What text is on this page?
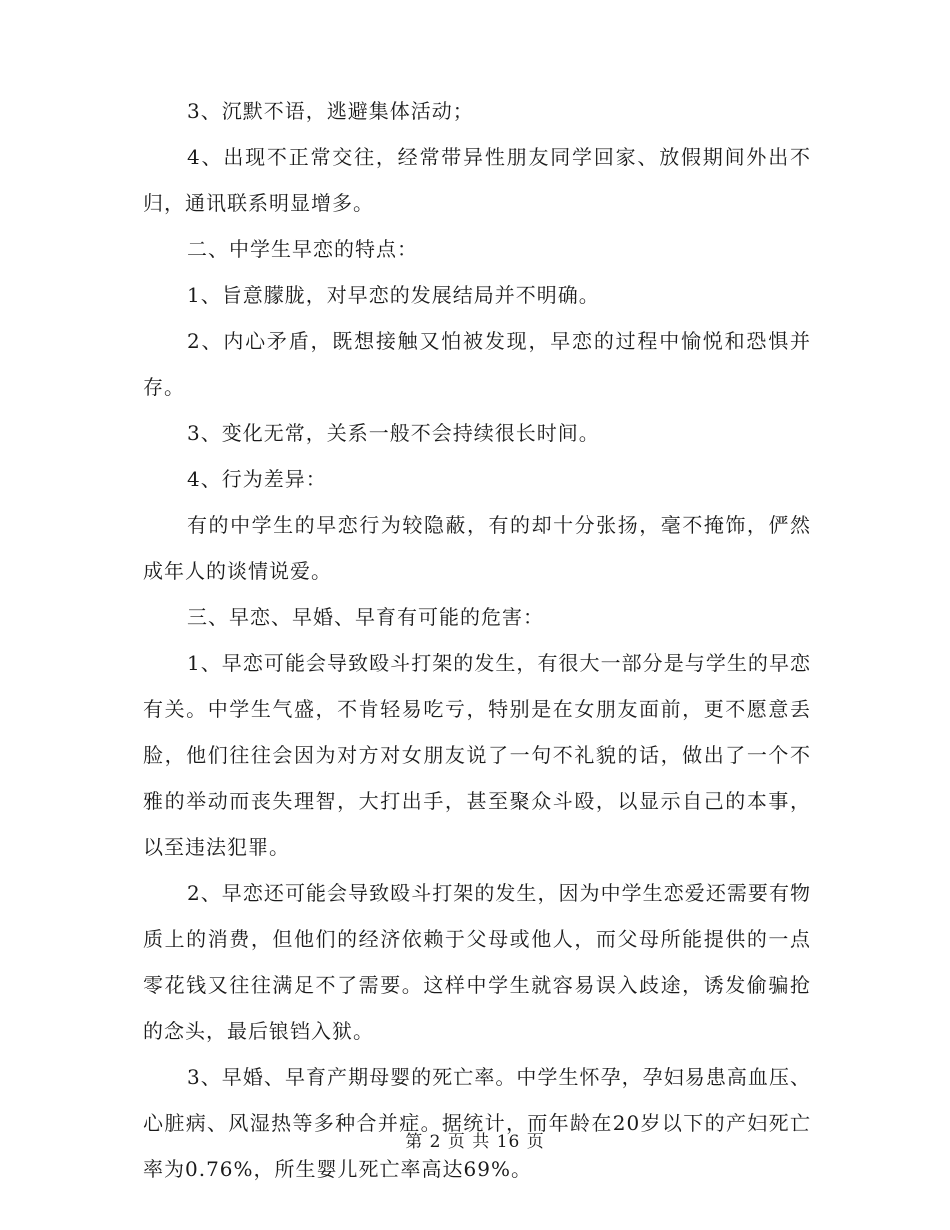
3、沉默不语，逃避集体活动；

4、出现不正常交往，经常带异性朋友同学回家、放假期间外出不归，通讯联系明显增多。

二、中学生早恋的特点：

1、旨意朦胧，对早恋的发展结局并不明确。

2、内心矛盾，既想接触又怕被发现，早恋的过程中愉悦和恐惧并存。

3、变化无常，关系一般不会持续很长时间。

4、行为差异：

有的中学生的早恋行为较隐蔽，有的却十分张扬，毫不掩饰，俨然成年人的谈情说爱。

三、早恋、早婚、早育有可能的危害：

1、早恋可能会导致殴斗打架的发生，有很大一部分是与学生的早恋有关。中学生气盛，不肯轻易吃亏，特别是在女朋友面前，更不愿意丢脸，他们往往会因为对方对女朋友说了一句不礼貌的话，做出了一个不雅的举动而丧失理智，大打出手，甚至聚众斗殴，以显示自己的本事，以至违法犯罪。

2、早恋还可能会导致殴斗打架的发生，因为中学生恋爱还需要有物质上的消费，但他们的经济依赖于父母或他人，而父母所能提供的一点零花钱又往往满足不了需要。这样中学生就容易误入歧途，诱发偷骗抢的念头，最后锒铛入狱。

3、早婚、早育产期母婴的死亡率。中学生怀孕，孕妇易患高血压、心脏病、风湿热等多种合并症。据统计，而年龄在20岁以下的产妇死亡率为0.76%，所生婴儿死亡率高达69%。

第 2 页 共 16 页
